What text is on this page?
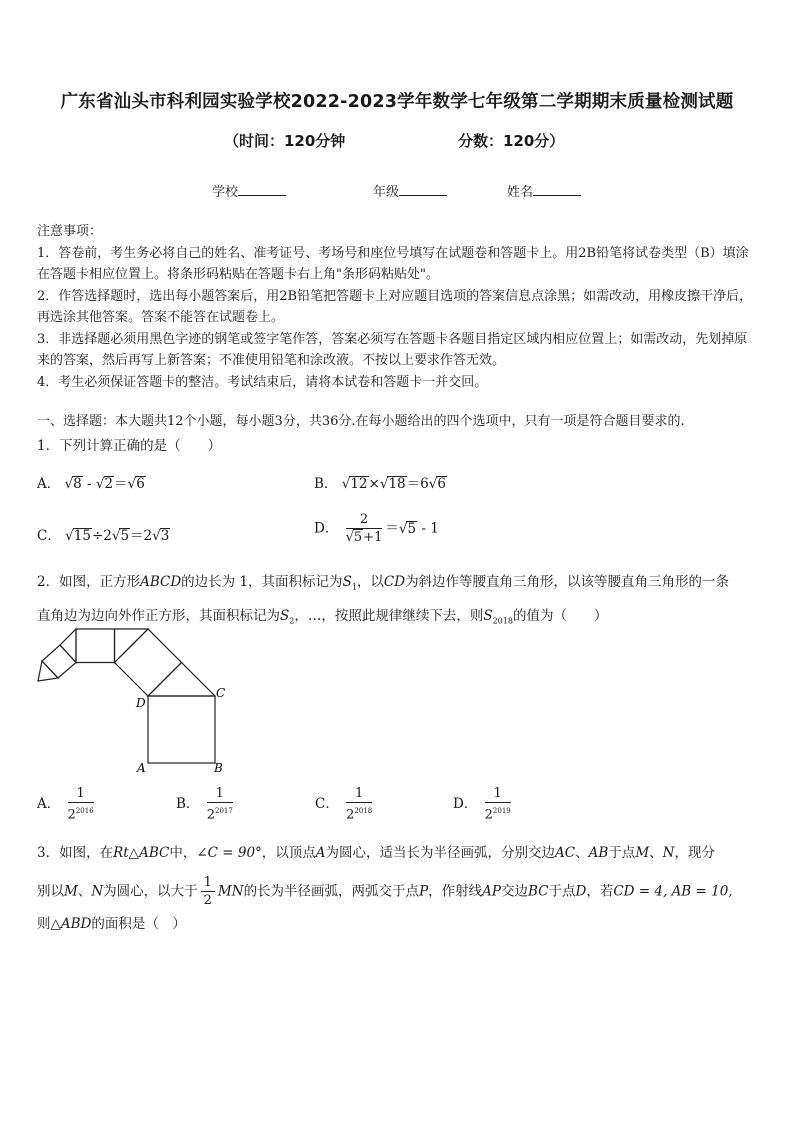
广东省汕头市科利园实验学校2022-2023学年数学七年级第二学期期末质量检测试题
（时间：120分钟	分数：120分）
学校	年级	姓名

注意事项：

1．答卷前，考生务必将自己的姓名、准考证号、考场号和座位号填写在试题卷和答题卡上。用2B铅笔将试卷类型（B）填涂在答题卡相应位置上。将条形码粘贴在答题卡右上角"条形码粘贴处"。

2．作答选择题时，选出每小题答案后，用2B铅笔把答题卡上对应题目选项的答案信息点涂黑；如需改动，用橡皮擦干净后，再选涂其他答案。答案不能答在试题卷上。

3．非选择题必须用黑色字迹的钢笔或签字笔作答，答案必须写在答题卡各题目指定区域内相应位置上；如需改动，先划掉原来的答案，然后再写上新答案；不准使用铅笔和涂改液。不按以上要求作答无效。

4．考生必须保证答题卡的整洁。考试结束后，请将本试卷和答题卡一并交回。

一、选择题：本大题共12个小题，每小题3分，共36分.在每小题给出的四个选项中，只有一项是符合题目要求的.
1．下列计算正确的是（　　）
A． √8 - √2＝√6	B． √12×√18＝6√6
C． √15÷2√5＝2√3	D． $\frac{2}{√5+1} =√5 - 1$

2．如图，正方形ABCD的边长为 1，其面积标记为$S_1$，以CD为斜边作等腰直角三角形，以该等腰直角三角形的一条

直角边为边向外作正方形，其面积标记为$S_2$，…，按照此规律继续下去，则$S_{2018}$的值为（　　）

D
C
A	B
A． $\frac{1}{2^{2016}}$	B． $\frac{1}{2^{2017}}$	C． $\frac{1}{2^{2018}}$	D． $\frac{1}{2^{2019}}$

3．如图，在Rt△ABC中，∠C = 90°，以顶点A为圆心，适当长为半径画弧，分别交边AC、AB于点M、N，现分

别以M、N为圆心，以大于 $\frac{1}{2}$ MN的长为半径画弧，两弧交于点P，作射线AP交边BC于点D，若CD = 4, AB = 10,

则△ABD的面积是（　）
